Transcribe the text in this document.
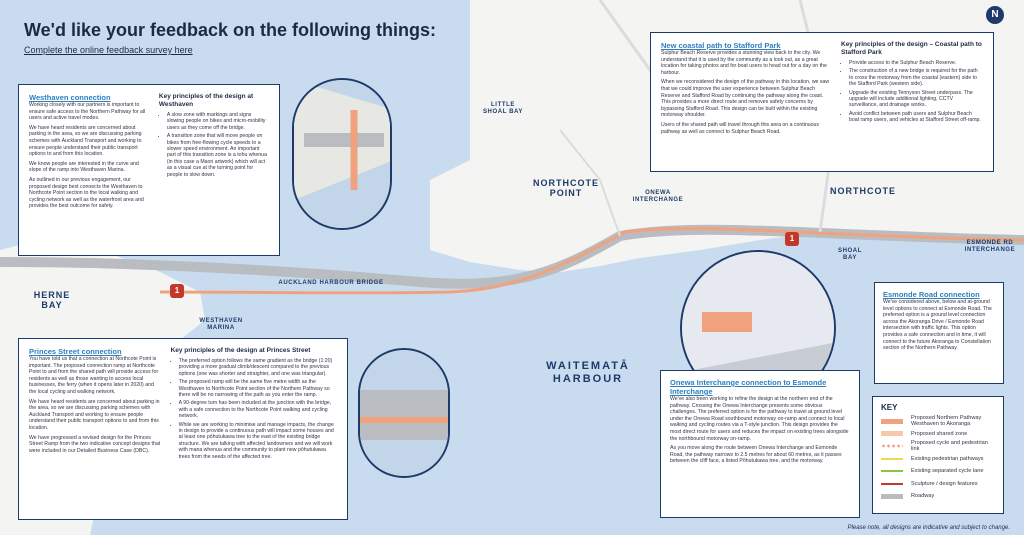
We'd like your feedback on the following things:
Complete the online feedback survey here
N
LITTLE SHOAL BAY
NORTHCOTE POINT	NORTHCOTE
ONEWA INTERCHANGE
ESMONDE RD INTERCHANGE
SHOAL BAY
HERNE BAY
WESTHAVEN MARINA
WAITEMATĀ HARBOUR
AUCKLAND HARBOUR BRIDGE
1
1
Westhaven connection

Working closely with our partners is important to ensure safe access to the Northern Pathway for all users and active travel modes.

We have heard residents are concerned about parking in the area, so we are discussing parking schemes with Auckland Transport and working to ensure people understand their public transport options to and from this location.

We know people are interested in the curve and slope of the ramp into Westhaven Marina.

As outlined in our previous engagement, our proposed design best connects the Westhaven to Northcote Point section to the local walking and cycling network as well as the waterfront area and provides the best outcome for safety.

Key principles of the design at Westhaven
• A slow zone with markings and signs slowing people on bikes and micro-mobility users as they come off the bridge.
• A transition zone that will move people on bikes from free-flowing cycle speeds to a slower speed environment. An important part of this transition zone is a tohu whenua (in this case a Maori artwork) which will act as a visual cue at the turning point for people to slow down.
Princes Street connection

You have told us that a connection at Northcote Point is important. The proposed connection ramp at Northcote Point to and from the shared path will provide access for residents as well as those wanting to access local businesses, the ferry (when it opens later in 2020) and the local cycling and walking network.

We have heard residents are concerned about parking in the area, so we are discussing parking schemes with Auckland Transport and working to ensure people understand their public transport options to and from this location.

We have progressed a revised design for the Princes Street Ramp from the two indicative concept designs that were included in our Detailed Business Case (DBC).

Key principles of the design at Princes Street
• The preferred option follows the same gradient as the bridge (1:20) providing a more gradual climb/descent compared to the previous options (one was shorter and straighter, and one was triangular).
• The proposed ramp will be the same five metre width as the Westhaven to Northcote Point section of the Northern Pathway so there will be no narrowing of the path as you enter the ramp.
• A 90-degree turn has been included at the junction with the bridge, with a safe connection to the Northcote Point walking and cycling network.
• While we are working to minimise and manage impacts, the change in design to provide a continuous path will impact some houses and at least one pōhutukawa tree to the east of the existing bridge structure. We are talking with affected landowners and we will work with mana whenua and the community to plant new pōhutukawa trees from the seeds of the affected tree.
New coastal path to Stafford Park

Sulphur Beach Reserve provides a stunning view back to the city. We understand that it is used by the community as a look out, as a great location for taking photos and for boat users to head out for a day on the harbour.

When we reconsidered the design of the pathway in this location, we saw that we could improve the user experience between Sulphur Beach Reserve and Stafford Road by continuing the pathway along the coast. This provides a more direct route and removes safety concerns by bypassing Stafford Road. This design can be built within the existing motorway shoulder.

Users of the shared path will travel through this area on a continuous pathway as well as connect to Sulphur Beach Road.

Key principles of the design – Coastal path to Stafford Park
• Provide access to the Sulphur Beach Reserve.
• The construction of a new bridge is required for the path to cross the motorway from the coastal (eastern) side to the Stafford Park (western side).
• Upgrade the existing Tennyson Street underpass. The upgrade will include additional lighting, CCTV surveillance, and drainage works.
• Avoid conflict between path users and Sulphur Beach boat ramp users, and vehicles at Stafford Street off-ramp.
Esmonde Road connection

We've considered above, below and at-ground level options to connect at Esmonde Road. The preferred option is a ground level connection across the Akoranga Drive / Esmonde Road intersection with traffic lights. This option provides a safe connection and in time, it will connect to the future Akoranga to Constellation section of the Northern Pathway.

Onewa Interchange connection to Esmonde Interchange

We've also been working to refine the design at the northern end of the pathway. Crossing the Onewa Interchange presents some obvious challenges. The preferred option is for the pathway to travel at ground level under the Onewa Road southbound motorway on-ramp and connect to local walking and cycling routes via a T-style junction. This design provides the most direct route for users and reduces the impact on existing trees alongside the northbound motorway on-ramp.

As you move along the route between Onewa Interchange and Esmonde Road, the pathway narrows to 2.5 metres for about 60 metres, as it passes between the cliff face, a listed Pōhutukawa tree, and the motorway.

KEY
Proposed Northern Pathway Westhaven to Akoranga
Proposed shared zone
Proposed cycle and pedestrian link
Existing pedestrian pathways
Existing separated cycle lane
Sculpture / design features
Roadway
Please note, all designs are indicative and subject to change.
